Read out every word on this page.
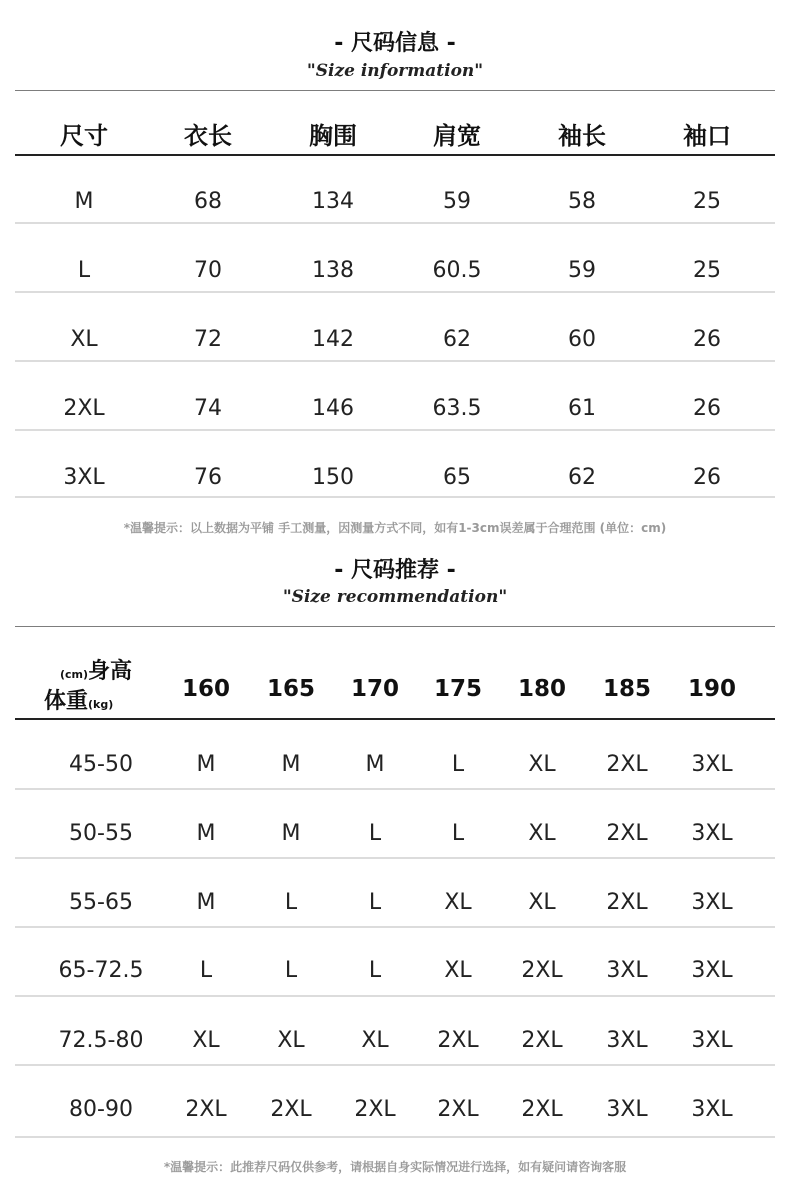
- 尺码信息 -
"Size information"
尺寸	衣长	胸围	肩宽	袖长	袖口
M	68	134	59	58	25
L	70	138	60.5	59	25
XL	72	142	62	60	26
2XL	74	146	63.5	61	26
3XL	76	150	65	62	26
*温馨提示：以上数据为平铺 手工测量，因测量方式不同，如有1-3cm误差属于合理范围 (单位：cm)
- 尺码推荐 -
"Size recommendation"
(cm)身高
体重(kg)
160	165	170	175	180	185	190
45-50	M	M	M	L	XL	2XL	3XL
50-55	M	M	L	L	XL	2XL	3XL
55-65	M	L	L	XL	XL	2XL	3XL
65-72.5	L	L	L	XL	2XL	3XL	3XL
72.5-80	XL	XL	XL	2XL	2XL	3XL	3XL
80-90	2XL	2XL	2XL	2XL	2XL	3XL	3XL
*温馨提示：此推荐尺码仅供参考，请根据自身实际情况进行选择，如有疑问请咨询客服
